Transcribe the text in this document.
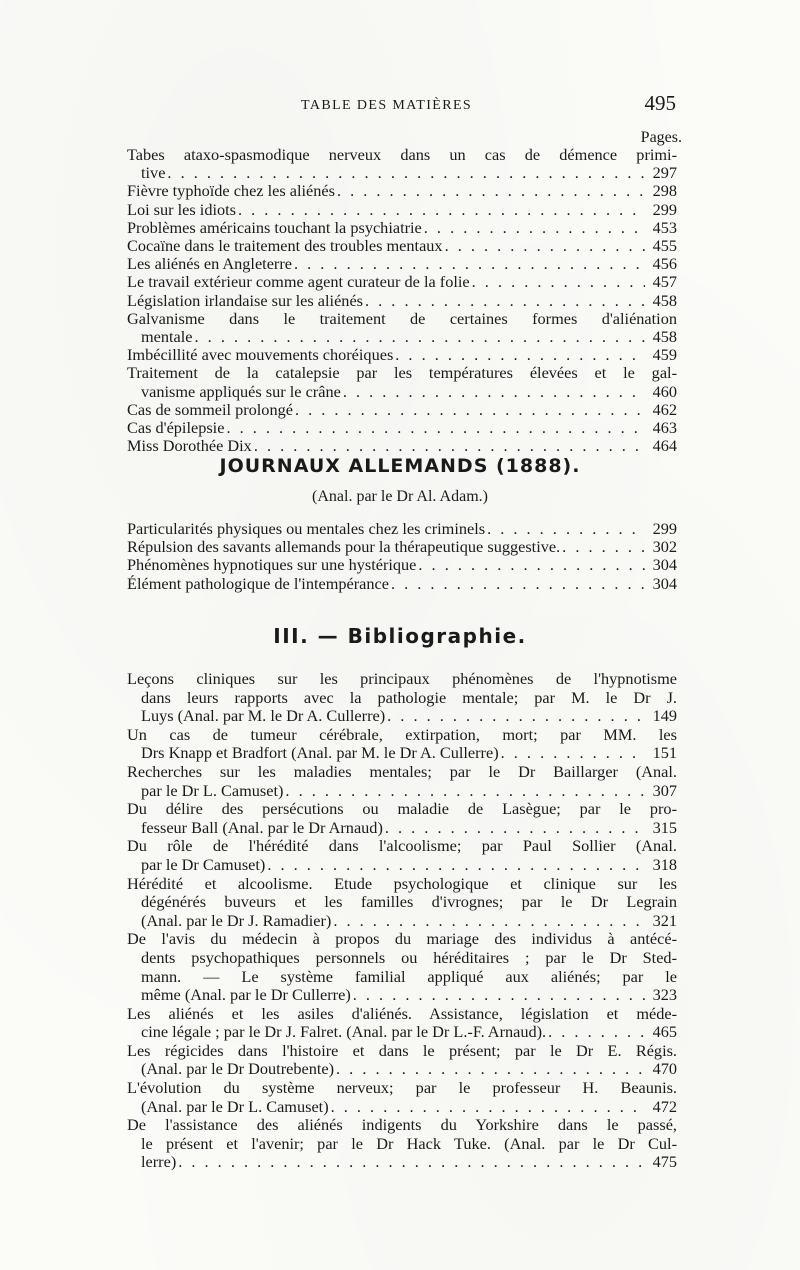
TABLE DES MATIÈRES	495
Pages.
Tabes ataxo-spasmodique nerveux dans un cas de démence primi-
tive . . .	297
Fièvre typhoïde chez les aliénés . . .	298
Loi sur les idiots . . .	299
Problèmes américains touchant la psychiatrie . . .	453
Cocaïne dans le traitement des troubles mentaux . . .	455
Les aliénés en Angleterre . . .	456
Le travail extérieur comme agent curateur de la folie . . .	457
Législation irlandaise sur les aliénés . . .	458
Galvanisme dans le traitement de certaines formes d'aliénation
mentale . . .	458
Imbécillité avec mouvements choréiques . . .	459
Traitement de la catalepsie par les températures élevées et le gal-
vanisme appliqués sur le crâne . . .	460
Cas de sommeil prolongé . . .	462
Cas d'épilepsie . . .	463
Miss Dorothée Dix . . .	464
JOURNAUX ALLEMANDS (1888).
(Anal. par le Dr Al. Adam.)
Particularités physiques ou mentales chez les criminels . . .	299
Répulsion des savants allemands pour la thérapeutique suggestive. . . .	302
Phénomènes hypnotiques sur une hystérique . . .	304
Élément pathologique de l'intempérance . . .	304
III. — Bibliographie.
Leçons cliniques sur les principaux phénomènes de l'hypnotisme
dans leurs rapports avec la pathologie mentale; par M. le Dr J.
Luys (Anal. par M. le Dr A. Cullerre) . . .	149
Un cas de tumeur cérébrale, extirpation, mort; par MM. les
Drs Knapp et Bradfort (Anal. par M. le Dr A. Cullerre) . . .	151
Recherches sur les maladies mentales; par le Dr Baillarger (Anal.
par le Dr L. Camuset) . . .	307
Du délire des persécutions ou maladie de Lasègue; par le pro-
fesseur Ball (Anal. par le Dr Arnaud) . . .	315
Du rôle de l'hérédité dans l'alcoolisme; par Paul Sollier (Anal.
par le Dr Camuset) . . .	318
Hérédité et alcoolisme. Etude psychologique et clinique sur les
dégénérés buveurs et les familles d'ivrognes; par le Dr Legrain
(Anal. par le Dr J. Ramadier) . . .	321
De l'avis du médecin à propos du mariage des individus à antécé-
dents psychopathiques personnels ou héréditaires ; par le Dr Sted-
mann. — Le système familial appliqué aux aliénés; par le
même (Anal. par le Dr Cullerre) . . .	323
Les aliénés et les asiles d'aliénés. Assistance, législation et méde-
cine légale ; par le Dr J. Falret. (Anal. par le Dr L.-F. Arnaud). . . .	465
Les régicides dans l'histoire et dans le présent; par le Dr E. Régis.
(Anal. par le Dr Doutrebente) . . .	470
L'évolution du système nerveux; par le professeur H. Beaunis.
(Anal. par le Dr L. Camuset) . . .	472
De l'assistance des aliénés indigents du Yorkshire dans le passé,
le présent et l'avenir; par le Dr Hack Tuke. (Anal. par le Dr Cul-
lerre) . . .	475
